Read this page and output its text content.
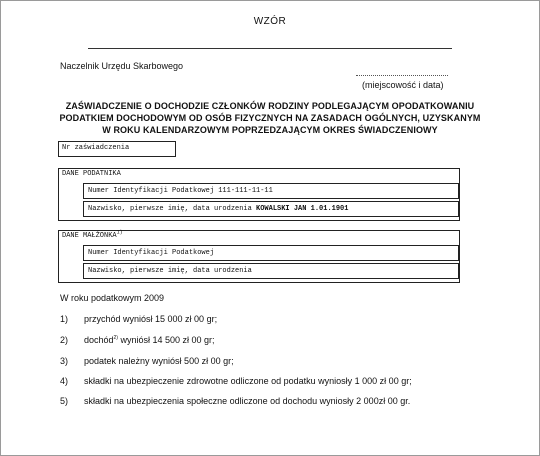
WZÓR
Naczelnik Urzędu Skarbowego
(miejscowość i data)
ZAŚWIADCZENIE O DOCHODZIE CZŁONKÓW RODZINY PODLEGAJĄCYM OPODATKOWANIU
PODATKIEM DOCHODOWYM OD OSÓB FIZYCZNYCH NA ZASADACH OGÓLNYCH, UZYSKANYM
W ROKU KALENDARZOWYM POPRZEDZAJĄCYM OKRES ŚWIADCZENIOWY
Nr zaświadczenia
DANE PODATNIKA
Numer Identyfikacji Podatkowej 111-111-11-11
Nazwisko, pierwsze imię, data urodzenia KOWALSKI JAN 1.01.1901
DANE MAŁŻONKA$^{1)}$
Numer Identyfikacji Podatkowej
Nazwisko, pierwsze imię, data urodzenia
W roku podatkowym 2009
1) przychód wyniósł 15 000 zł 00 gr;
2) dochód$^{2)}$ wyniósł 14 500 zł 00 gr;
3) podatek należny wyniósł 500 zł 00 gr;
4) składki na ubezpieczenie zdrowotne odliczone od podatku wyniosły 1 000 zł 00 gr;
5) składki na ubezpieczenia społeczne odliczone od dochodu wyniosły 2 000zł 00 gr.
